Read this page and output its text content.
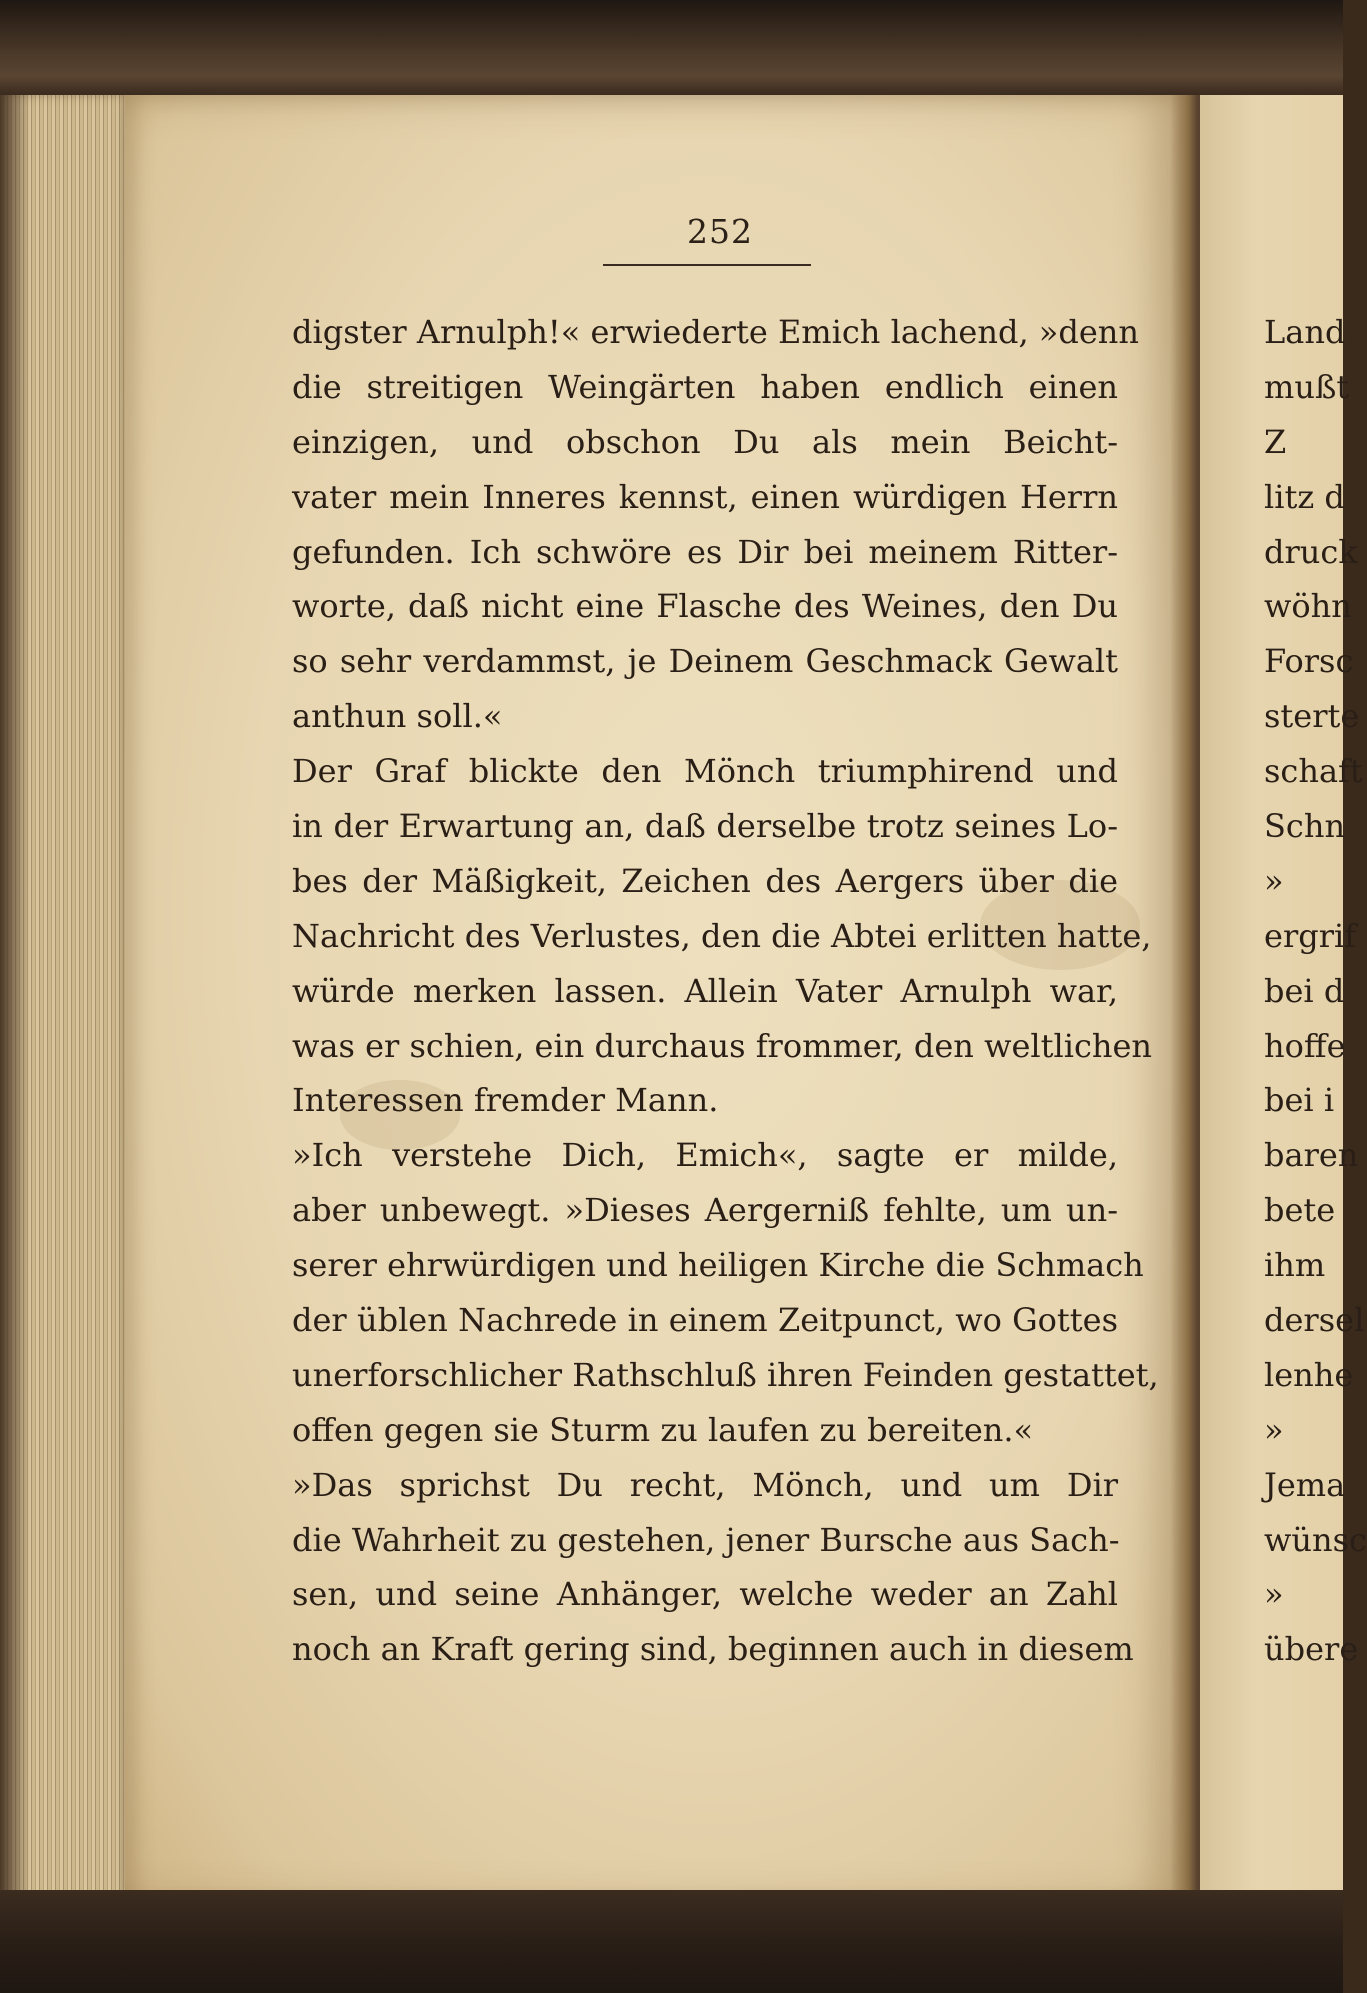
252
digster Arnulph!« erwiederte Emich lachend, »denn
die streitigen Weingärten haben endlich einen
einzigen, und obschon Du als mein Beicht-
vater mein Inneres kennst, einen würdigen Herrn
gefunden. Ich schwöre es Dir bei meinem Ritter-
worte, daß nicht eine Flasche des Weines, den Du
so sehr verdammst, je Deinem Geschmack Gewalt
anthun soll.«
Der Graf blickte den Mönch triumphirend und
in der Erwartung an, daß derselbe trotz seines Lo-
bes der Mäßigkeit, Zeichen des Aergers über die
Nachricht des Verlustes, den die Abtei erlitten hatte,
würde merken lassen. Allein Vater Arnulph war,
was er schien, ein durchaus frommer, den weltlichen
Interessen fremder Mann.
»Ich verstehe Dich, Emich«, sagte er milde,
aber unbewegt. »Dieses Aergerniß fehlte, um un-
serer ehrwürdigen und heiligen Kirche die Schmach
der üblen Nachrede in einem Zeitpunct, wo Gottes
unerforschlicher Rathschluß ihren Feinden gestattet,
offen gegen sie Sturm zu laufen zu bereiten.«
»Das sprichst Du recht, Mönch, und um Dir
die Wahrheit zu gestehen, jener Bursche aus Sach-
sen, und seine Anhänger, welche weder an Zahl
noch an Kraft gering sind, beginnen auch in diesem
Land
mußt
Z
litz d
druck
wöhn
Forsc
sterte
schaft
Schn
»
ergrif
bei d
hoffe
bei i
baren
bete
ihm
dersel
lenhe
»
Jema
wünsc
»
übere
